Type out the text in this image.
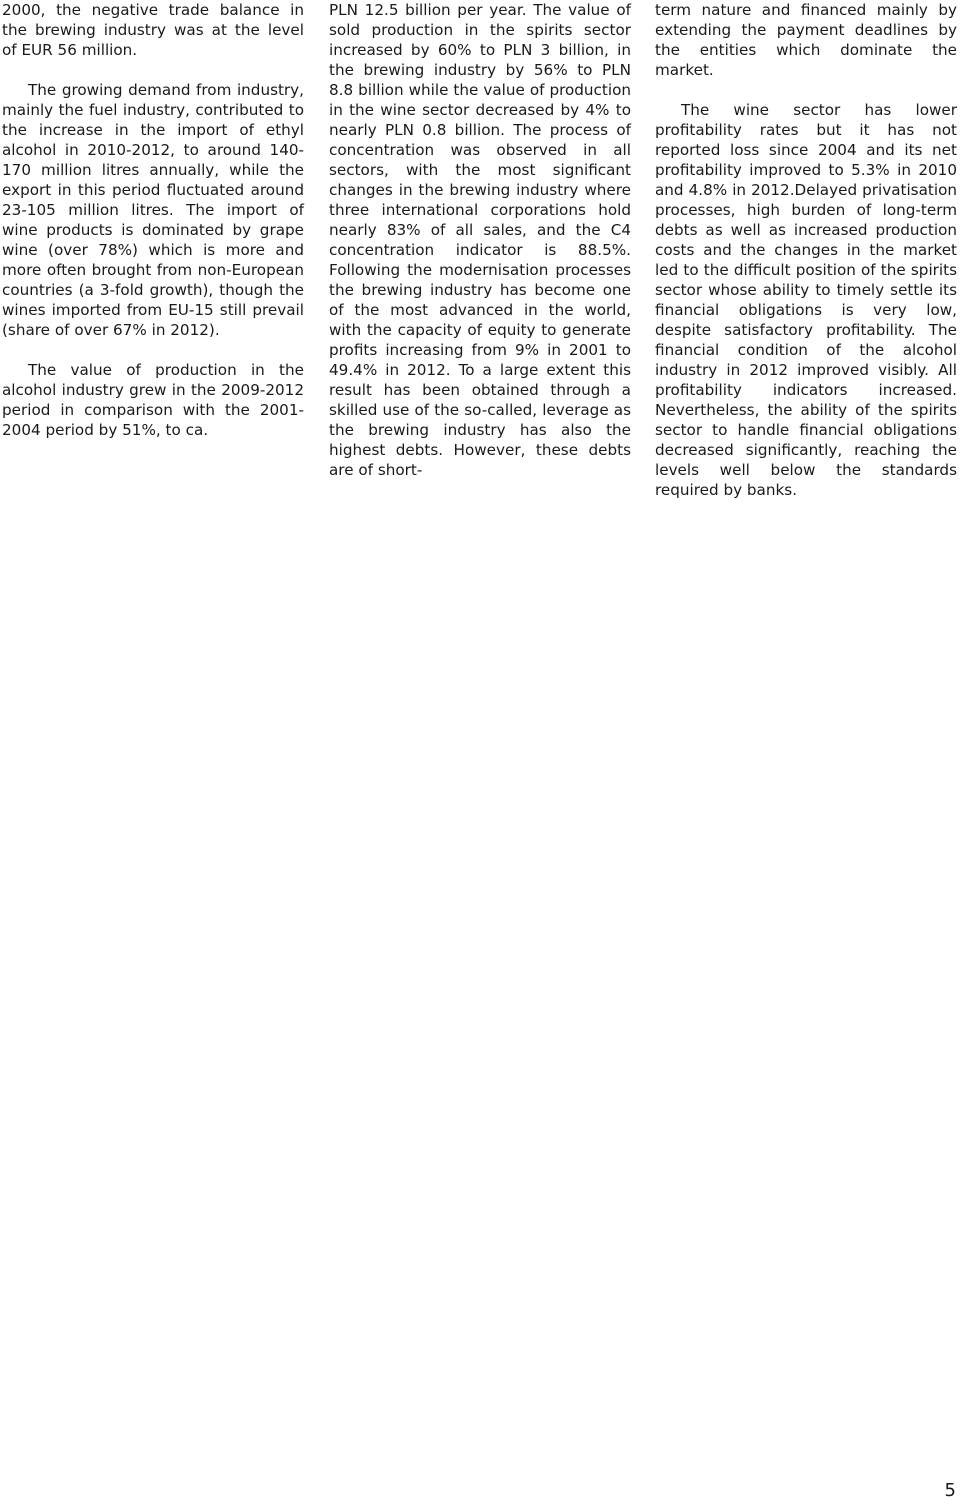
2000, the negative trade balance in the brewing industry was at the level of EUR 56 million.

The growing demand from industry, mainly the fuel industry, contributed to the increase in the import of ethyl alcohol in 2010-2012, to around 140-170 million litres annually, while the export in this period fluctuated around 23-105 million litres. The import of wine products is dominated by grape wine (over 78%) which is more and more often brought from non-European countries (a 3-fold growth), though the wines imported from EU-15 still prevail (share of over 67% in 2012).

The value of production in the alcohol industry grew in the 2009-2012 period in comparison with the 2001-2004 period by 51%, to ca.

PLN 12.5 billion per year. The value of sold production in the spirits sector increased by 60% to PLN 3 billion, in the brewing industry by 56% to PLN 8.8 billion while the value of production in the wine sector decreased by 4% to nearly PLN 0.8 billion. The process of concentration was observed in all sectors, with the most significant changes in the brewing industry where three international corporations hold nearly 83% of all sales, and the C4 concentration indicator is 88.5%. Following the modernisation processes the brewing industry has become one of the most advanced in the world, with the capacity of equity to generate profits increasing from 9% in 2001 to 49.4% in 2012. To a large extent this result has been obtained through a skilled use of the so-called, leverage as the brewing industry has also the highest debts. However, these debts are of short-

term nature and financed mainly by extending the payment deadlines by the entities which dominate the market.

The wine sector has lower profitability rates but it has not reported loss since 2004 and its net profitability improved to 5.3% in 2010 and 4.8% in 2012.Delayed privatisation processes, high burden of long-term debts as well as increased production costs and the changes in the market led to the difficult position of the spirits sector whose ability to timely settle its financial obligations is very low, despite satisfactory profitability. The financial condition of the alcohol industry in 2012 improved visibly. All profitability indicators increased. Nevertheless, the ability of the spirits sector to handle financial obligations decreased significantly, reaching the levels well below the standards required by banks.

5
